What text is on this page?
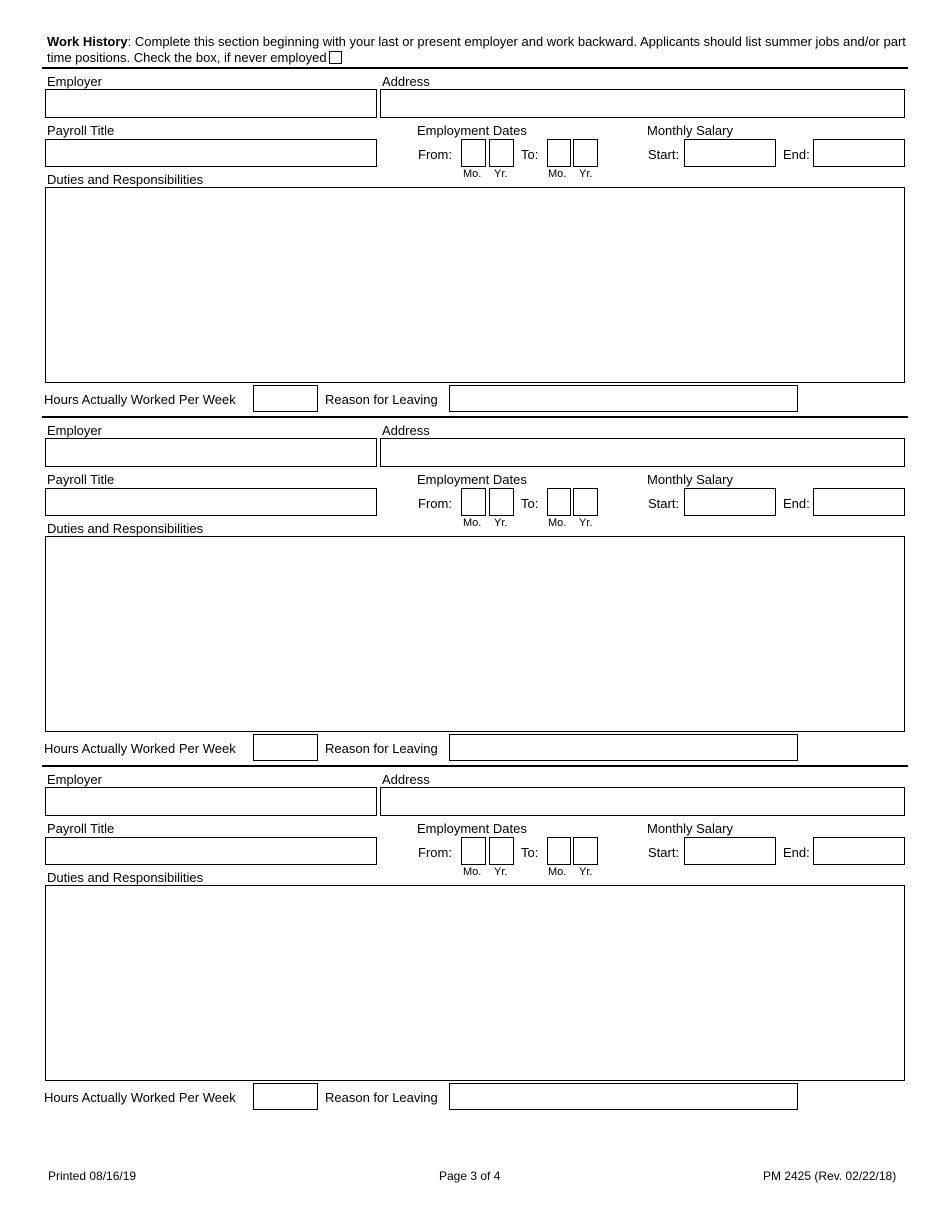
Work History: Complete this section beginning with your last or present employer and work backward. Applicants should list summer jobs and/or part time positions. Check the box, if never employed
Employer	Address
Payroll Title	Employment Dates	Monthly Salary
From:	To:
Mo. Yr.	Mo. Yr.
Start:	End:
Duties and Responsibilities
Hours Actually Worked Per Week	Reason for Leaving
Employer	Address
Payroll Title	Employment Dates	Monthly Salary
From:	To:
Mo. Yr.	Mo. Yr.
Start:	End:
Duties and Responsibilities
Hours Actually Worked Per Week	Reason for Leaving
Employer	Address
Payroll Title	Employment Dates	Monthly Salary
From:	To:
Mo. Yr.	Mo. Yr.
Start:	End:
Duties and Responsibilities
Hours Actually Worked Per Week	Reason for Leaving
Printed 08/16/19	Page 3 of 4	PM 2425 (Rev. 02/22/18)
